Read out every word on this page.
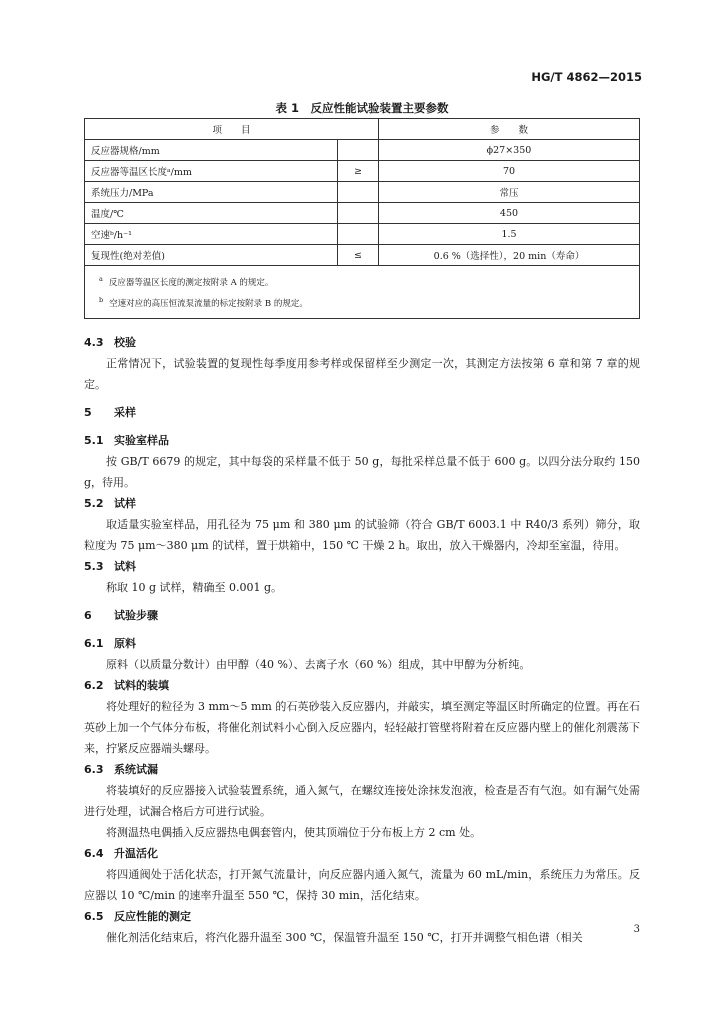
HG/T 4862—2015
表 1　反应性能试验装置主要参数
项　　目		参　　数
反应器规格/mm		ϕ27×350
反应器等温区长度ᵃ/mm	≥	70
系统压力/MPa		常压
温度/℃		450
空速ᵇ/h⁻¹		1.5
复现性(绝对差值)	≤	0.6 %（选择性），20 min（寿命）

$^a$ 反应器等温区长度的测定按附录 A 的规定。
$^b$ 空速对应的高压恒流泵流量的标定按附录 B 的规定。		
4.3 校验
正常情况下，试验装置的复现性每季度用参考样或保留样至少测定一次，其测定方法按第 6 章和第 7 章的规定。
5 采样
5.1 实验室样品
按 GB/T 6679 的规定，其中每袋的采样量不低于 50 g，每批采样总量不低于 600 g。以四分法分取约 150 g，待用。
5.2 试样
取适量实验室样品，用孔径为 75 μm 和 380 μm 的试验筛（符合 GB/T 6003.1 中 R40/3 系列）筛分，取粒度为 75 μm～380 μm 的试样，置于烘箱中，150 ℃ 干燥 2 h。取出，放入干燥器内，冷却至室温，待用。
5.3 试料
称取 10 g 试样，精确至 0.001 g。
6 试验步骤
6.1 原料
原料（以质量分数计）由甲醇（40 %）、去离子水（60 %）组成，其中甲醇为分析纯。
6.2 试料的装填
将处理好的粒径为 3 mm～5 mm 的石英砂装入反应器内，并敲实，填至测定等温区时所确定的位置。再在石英砂上加一个气体分布板，将催化剂试料小心倒入反应器内，轻轻敲打管壁将附着在反应器内壁上的催化剂震荡下来，拧紧反应器端头螺母。
6.3 系统试漏
将装填好的反应器接入试验装置系统，通入氮气，在螺纹连接处涂抹发泡液，检查是否有气泡。如有漏气处需进行处理，试漏合格后方可进行试验。
将测温热电偶插入反应器热电偶套管内，使其顶端位于分布板上方 2 cm 处。
6.4 升温活化
将四通阀处于活化状态，打开氮气流量计，向反应器内通入氮气，流量为 60 mL/min，系统压力为常压。反应器以 10 ℃/min 的速率升温至 550 ℃，保持 30 min，活化结束。
6.5 反应性能的测定
催化剂活化结束后，将汽化器升温至 300 ℃，保温管升温至 150 ℃，打开并调整气相色谱（相关
3
